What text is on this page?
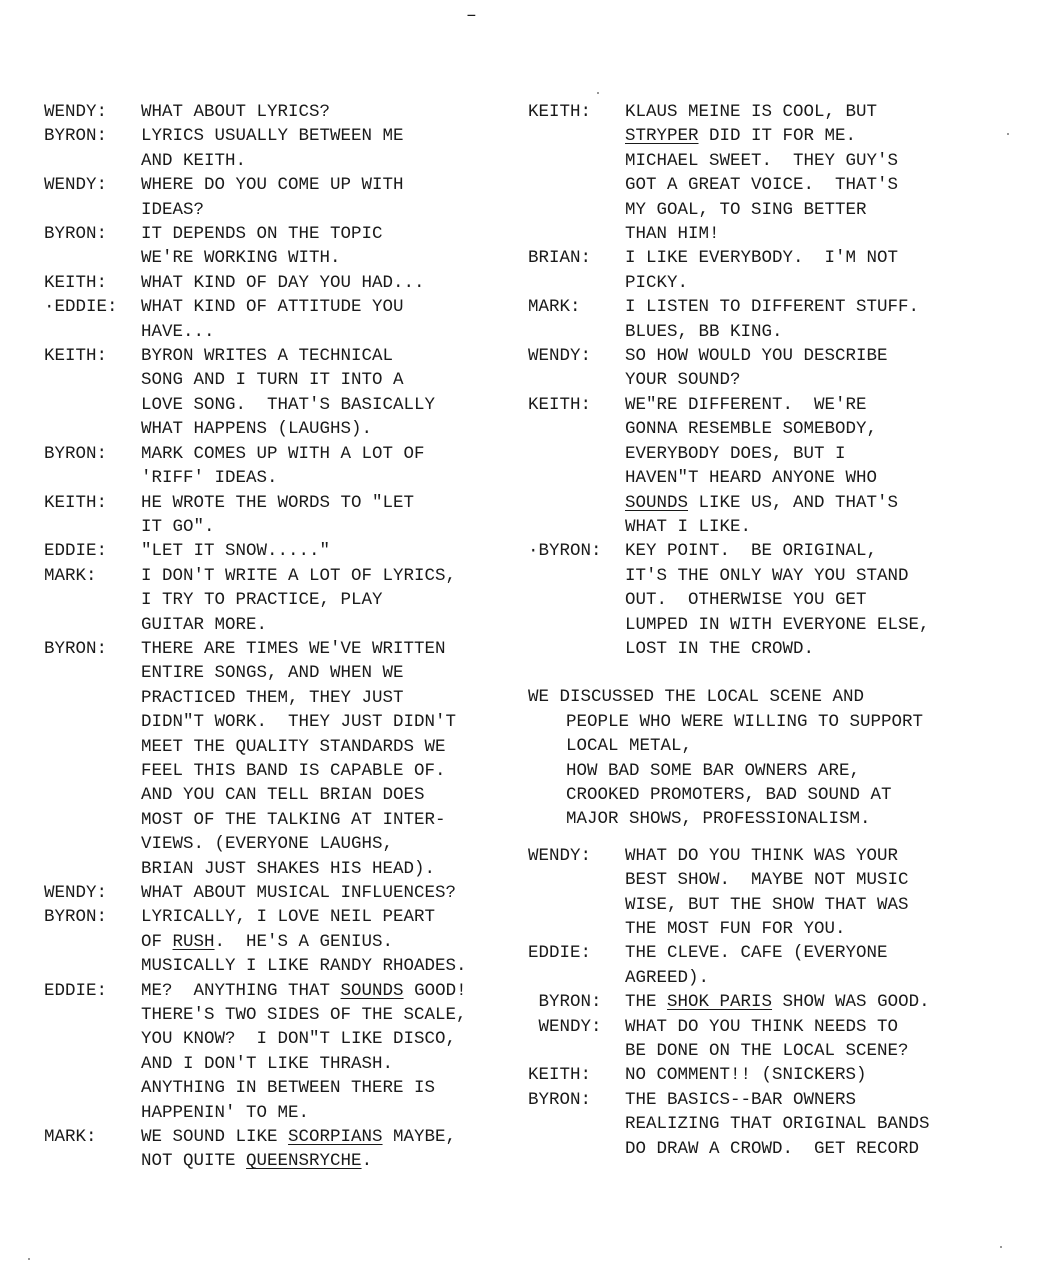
–
WENDY:	WHAT ABOUT LYRICS?
BYRON:	LYRICS USUALLY BETWEEN ME
AND KEITH.
WENDY:	WHERE DO YOU COME UP WITH
IDEAS?
BYRON:	IT DEPENDS ON THE TOPIC
WE'RE WORKING WITH.
KEITH:	WHAT KIND OF DAY YOU HAD...
·EDDIE:	WHAT KIND OF ATTITUDE YOU
HAVE...
KEITH:	BYRON WRITES A TECHNICAL
SONG AND I TURN IT INTO A
LOVE SONG.  THAT'S BASICALLY
WHAT HAPPENS (LAUGHS).
BYRON:	MARK COMES UP WITH A LOT OF
'RIFF' IDEAS.
KEITH:	HE WROTE THE WORDS TO "LET
IT GO".
EDDIE:	"LET IT SNOW....."
MARK:	I DON'T WRITE A LOT OF LYRICS,
I TRY TO PRACTICE, PLAY
GUITAR MORE.
BYRON:	THERE ARE TIMES WE'VE WRITTEN
ENTIRE SONGS, AND WHEN WE
PRACTICED THEM, THEY JUST
DIDN"T WORK.  THEY JUST DIDN'T
MEET THE QUALITY STANDARDS WE
FEEL THIS BAND IS CAPABLE OF.
AND YOU CAN TELL BRIAN DOES
MOST OF THE TALKING AT INTER-
VIEWS. (EVERYONE LAUGHS,
BRIAN JUST SHAKES HIS HEAD).
WENDY:	WHAT ABOUT MUSICAL INFLUENCES?
BYRON:	LYRICALLY, I LOVE NEIL PEART
OF RUSH.  HE'S A GENIUS.
MUSICALLY I LIKE RANDY RHOADES.
EDDIE:	ME?  ANYTHING THAT SOUNDS GOOD!
THERE'S TWO SIDES OF THE SCALE,
YOU KNOW?  I DON"T LIKE DISCO,
AND I DON'T LIKE THRASH.
ANYTHING IN BETWEEN THERE IS
HAPPENIN' TO ME.
MARK:	WE SOUND LIKE SCORPIANS MAYBE,
NOT QUITE QUEENSRYCHE.
KEITH:	KLAUS MEINE IS COOL, BUT
STRYPER DID IT FOR ME.
MICHAEL SWEET.  THEY GUY'S
GOT A GREAT VOICE.  THAT'S
MY GOAL, TO SING BETTER
THAN HIM!
BRIAN:	I LIKE EVERYBODY.  I'M NOT
PICKY.
MARK:	I LISTEN TO DIFFERENT STUFF.
BLUES, BB KING.
WENDY:	SO HOW WOULD YOU DESCRIBE
YOUR SOUND?
KEITH:	WE"RE DIFFERENT.  WE'RE
GONNA RESEMBLE SOMEBODY,
EVERYBODY DOES, BUT I
HAVEN"T HEARD ANYONE WHO
SOUNDS LIKE US, AND THAT'S
WHAT I LIKE.
·BYRON:	KEY POINT.  BE ORIGINAL,
IT'S THE ONLY WAY YOU STAND
OUT.  OTHERWISE YOU GET
LUMPED IN WITH EVERYONE ELSE,
LOST IN THE CROWD.
WE DISCUSSED THE LOCAL SCENE AND
PEOPLE WHO WERE WILLING TO SUPPORT
LOCAL METAL,
HOW BAD SOME BAR OWNERS ARE,
CROOKED PROMOTERS, BAD SOUND AT
MAJOR SHOWS, PROFESSIONALISM.
WENDY:	WHAT DO YOU THINK WAS YOUR
BEST SHOW.  MAYBE NOT MUSIC
WISE, BUT THE SHOW THAT WAS
THE MOST FUN FOR YOU.
EDDIE:	THE CLEVE. CAFE (EVERYONE
AGREED).
BYRON:	THE SHOK PARIS SHOW WAS GOOD.
WENDY:	WHAT DO YOU THINK NEEDS TO
BE DONE ON THE LOCAL SCENE?
KEITH:	NO COMMENT!! (SNICKERS)
BYRON:	THE BASICS--BAR OWNERS
REALIZING THAT ORIGINAL BANDS
DO DRAW A CROWD.  GET RECORD
